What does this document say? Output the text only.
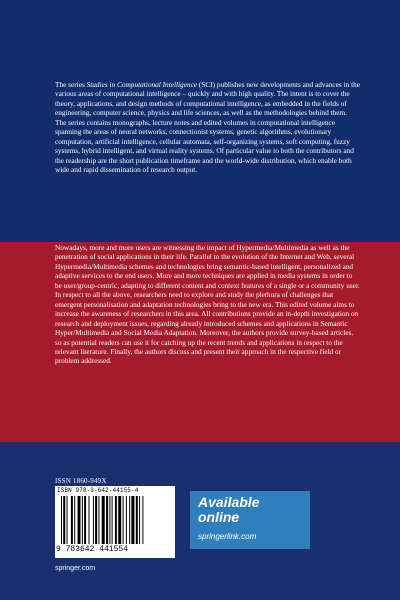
The series Studies in Computational Intelligence (SCI) publishes new developments and advances in the various areas of computational intelligence – quickly and with high quality. The intent is to cover the theory, applications, and design methods of computational intelligence, as embedded in the fields of engineering, computer science, physics and life sciences, as well as the methodologies behind them. The series contains monographs, lecture notes and edited volumes in computational intelligence spanning the areas of neural networks, connectionist systems, genetic algorithms, evolutionary computation, artificial intelligence, cellular automata, self-organizing systems, soft computing, fuzzy systems, hybrid intelligent, and virtual reality systems. Of particular value to both the contributors and the readership are the short publication timeframe and the world-wide distribution, which enable both wide and rapid dissemination of research output.

Nowadays, more and more users are witnessing the impact of Hypermedia/Multimedia as well as the penetration of social applications in their life. Parallel to the evolution of the Internet and Web, several Hypermedia/Multimedia schemes and technologies bring semantic-based intelligent, personalized and adaptive services to the end users. More and more techniques are applied in media systems in order to be user/group-centric, adapting to different content and context features of a single or a community user. In respect to all the above, researchers need to explore and study the plethora of challenges that emergent personalisation and adaptation technologies bring to the new era. This edited volume aims to increase the awareness of researchers in this area. All contributions provide an in-depth investigation on research and deployment issues, regarding already introduced schemes and applications in Semantic Hyper/Multimedia and Social Media Adaptation. Moreover, the authors provide survey-based articles, so as potential readers can use it for catching up the recent trends and applications in respect to the relevant literature. Finally, the authors discuss and present their approach in the respective field or problem addressed.

ISSN 1860-949X
ISBN 978-3-642-44155-4
9 783642 441554
Available
online
springerlink.com
springer.com
